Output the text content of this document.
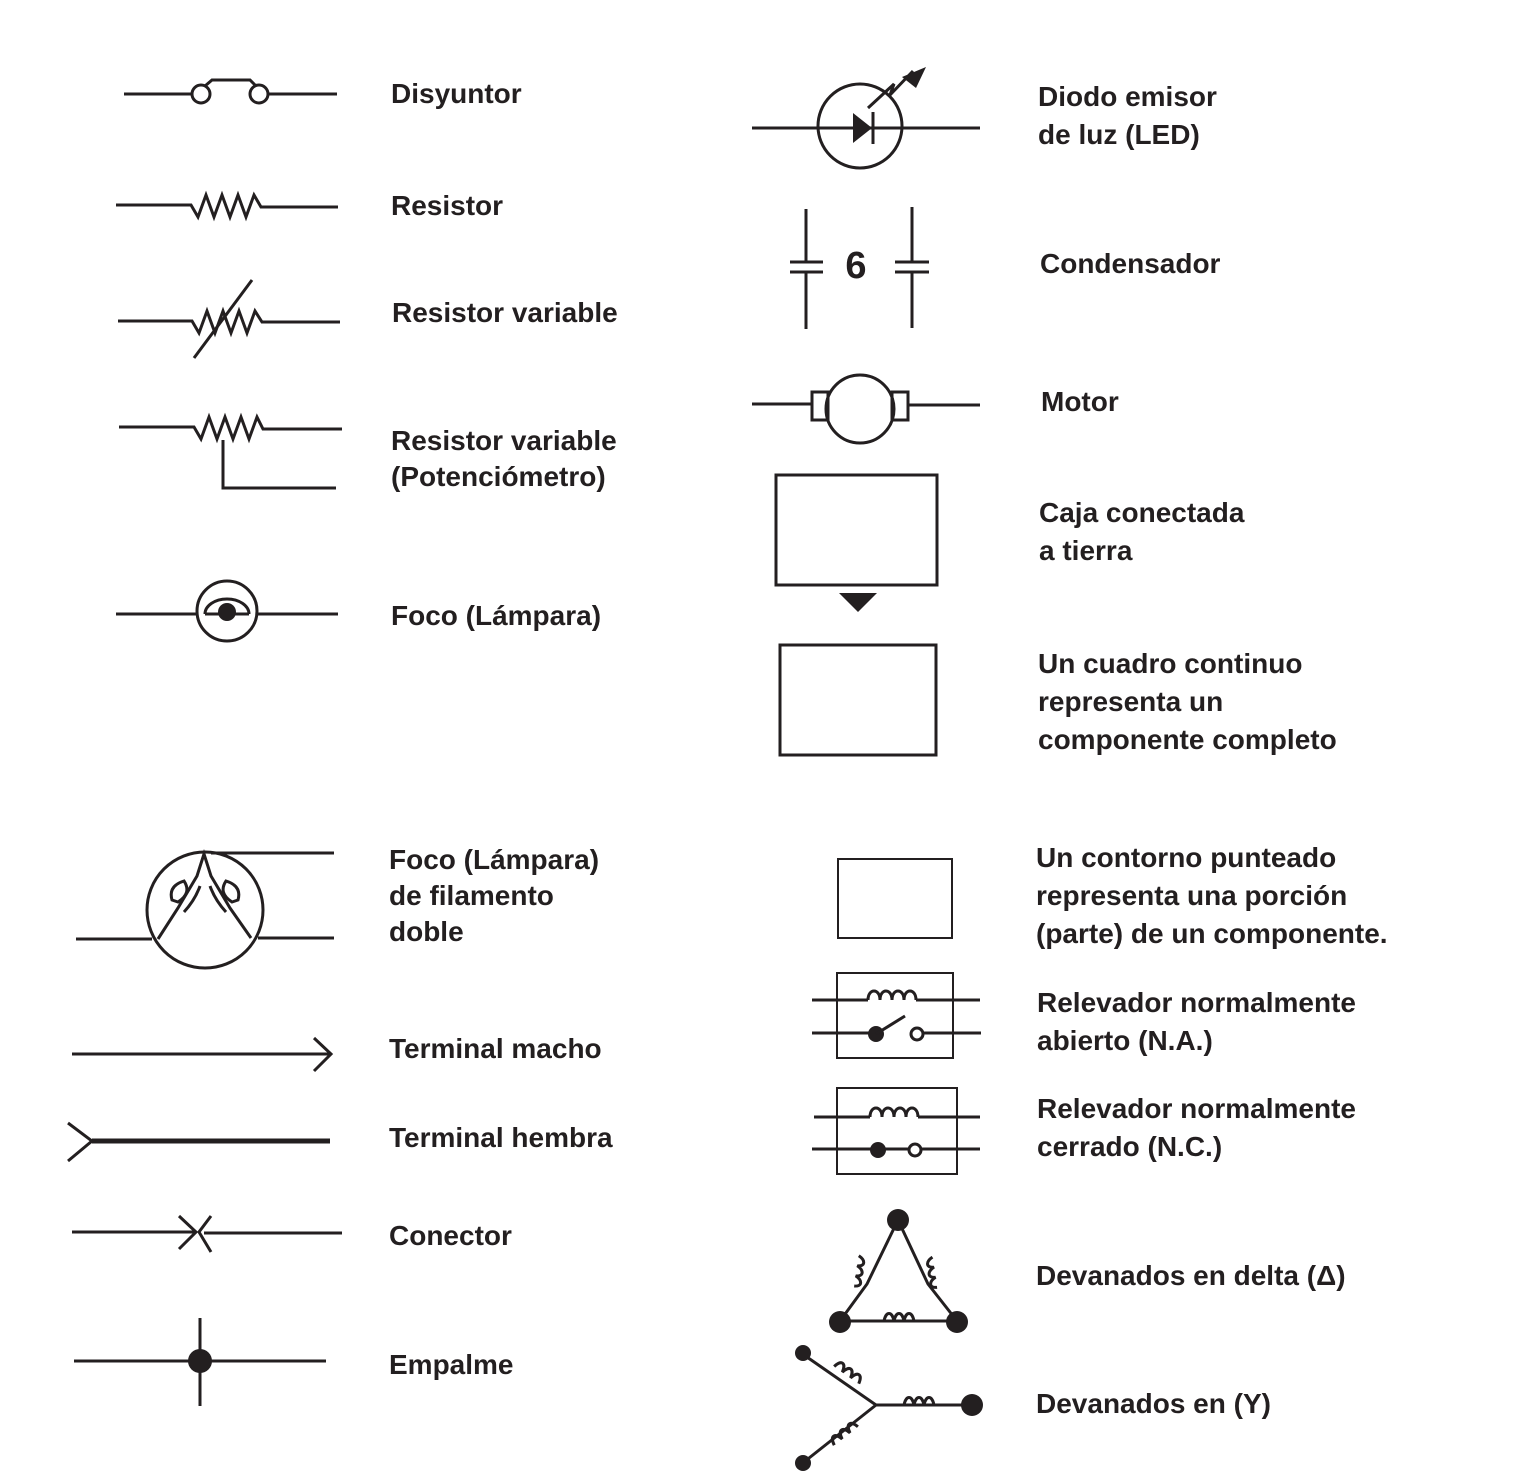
6
Disyuntor
Resistor
Resistor variable
Resistor variable
(Potenciómetro)
Foco (Lámpara)
Foco (Lámpara)
de filamento
doble
Terminal macho
Terminal hembra
Conector
Empalme
Diodo emisor
de luz (LED)
Condensador
Motor
Caja conectada
a tierra
Un cuadro continuo
representa un
componente completo
Un contorno punteado
representa una porción
(parte) de un componente.
Relevador normalmente
abierto (N.A.)
Relevador normalmente
cerrado (N.C.)
Devanados en delta (Δ)
Devanados en (Y)
